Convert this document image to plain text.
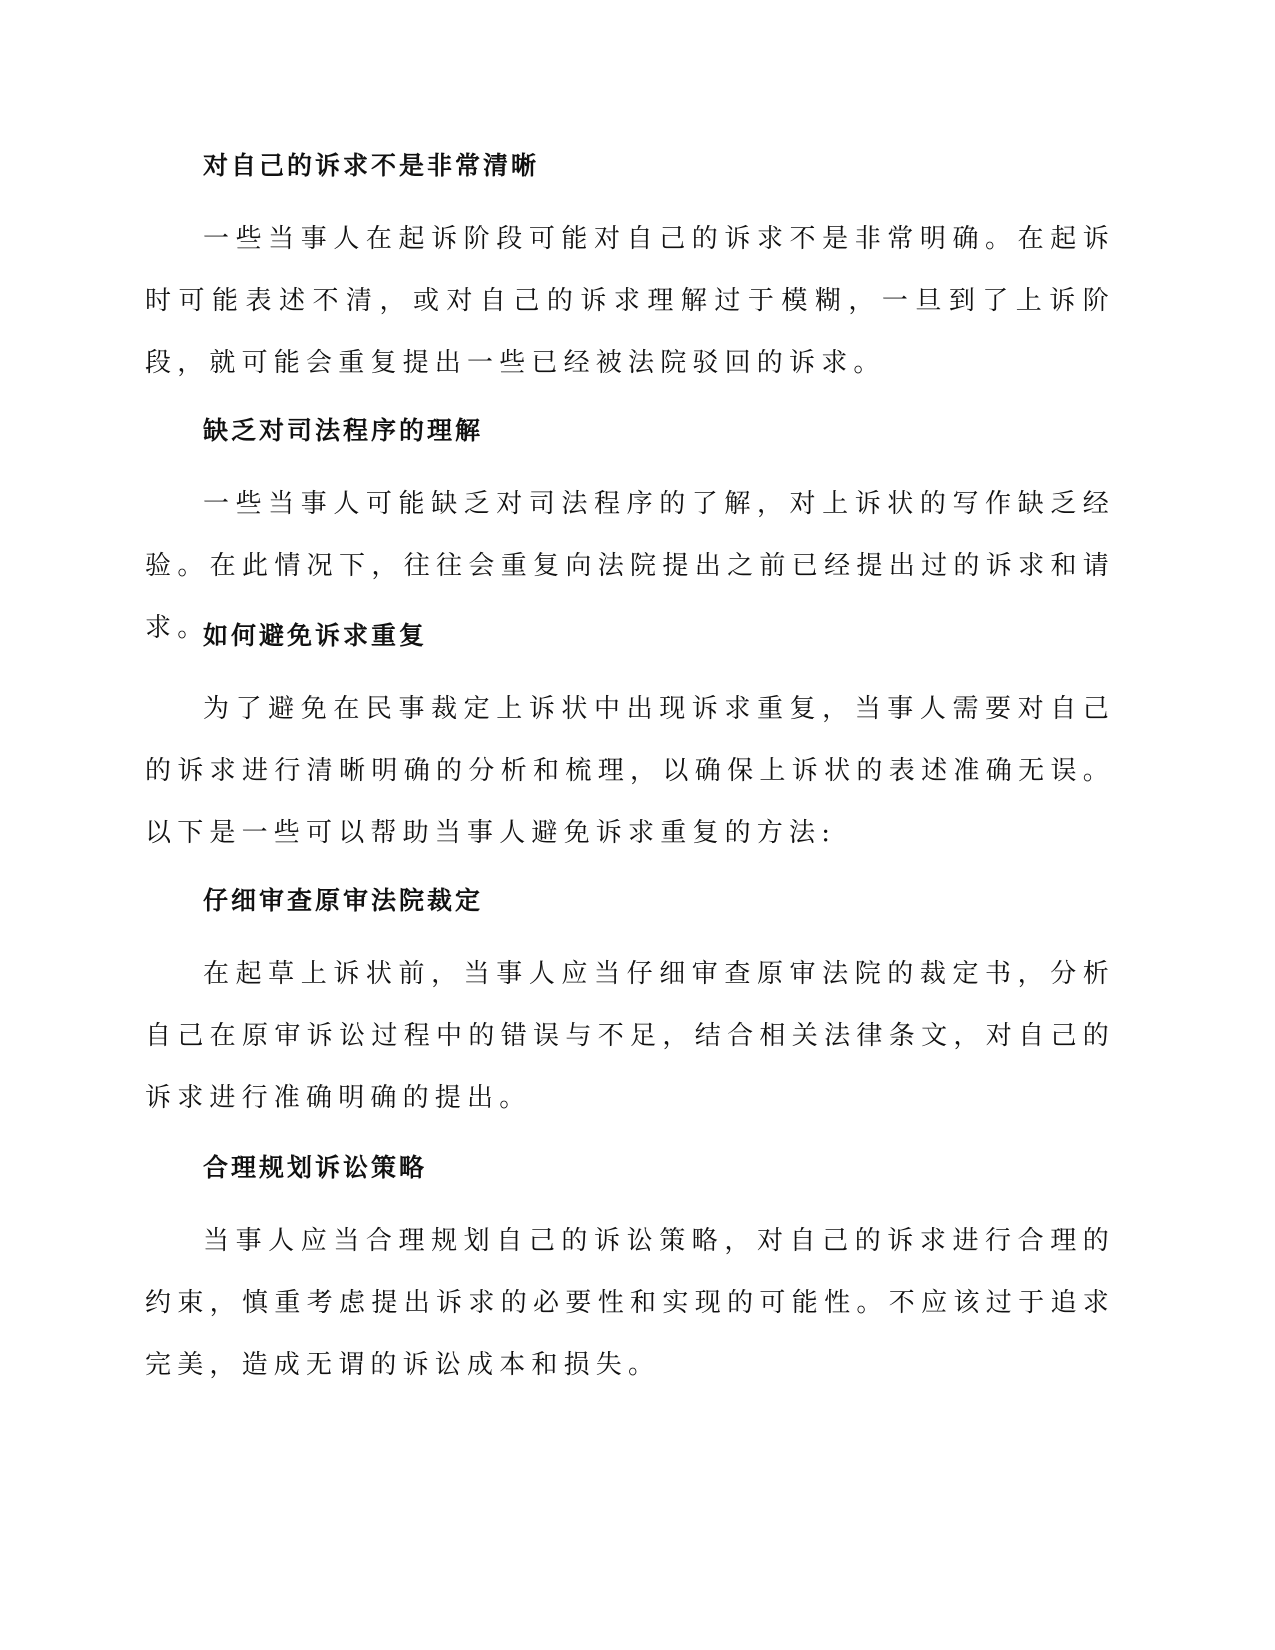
对自己的诉求不是非常清晰
一些当事人在起诉阶段可能对自己的诉求不是非常明确。在起诉时可能表述不清，或对自己的诉求理解过于模糊，一旦到了上诉阶段，就可能会重复提出一些已经被法院驳回的诉求。
缺乏对司法程序的理解
一些当事人可能缺乏对司法程序的了解，对上诉状的写作缺乏经验。在此情况下，往往会重复向法院提出之前已经提出过的诉求和请求。
如何避免诉求重复
为了避免在民事裁定上诉状中出现诉求重复，当事人需要对自己的诉求进行清晰明确的分析和梳理，以确保上诉状的表述准确无误。以下是一些可以帮助当事人避免诉求重复的方法:
仔细审查原审法院裁定
在起草上诉状前，当事人应当仔细审查原审法院的裁定书，分析自己在原审诉讼过程中的错误与不足，结合相关法律条文，对自己的诉求进行准确明确的提出。
合理规划诉讼策略
当事人应当合理规划自己的诉讼策略，对自己的诉求进行合理的约束，慎重考虑提出诉求的必要性和实现的可能性。不应该过于追求完美，造成无谓的诉讼成本和损失。
